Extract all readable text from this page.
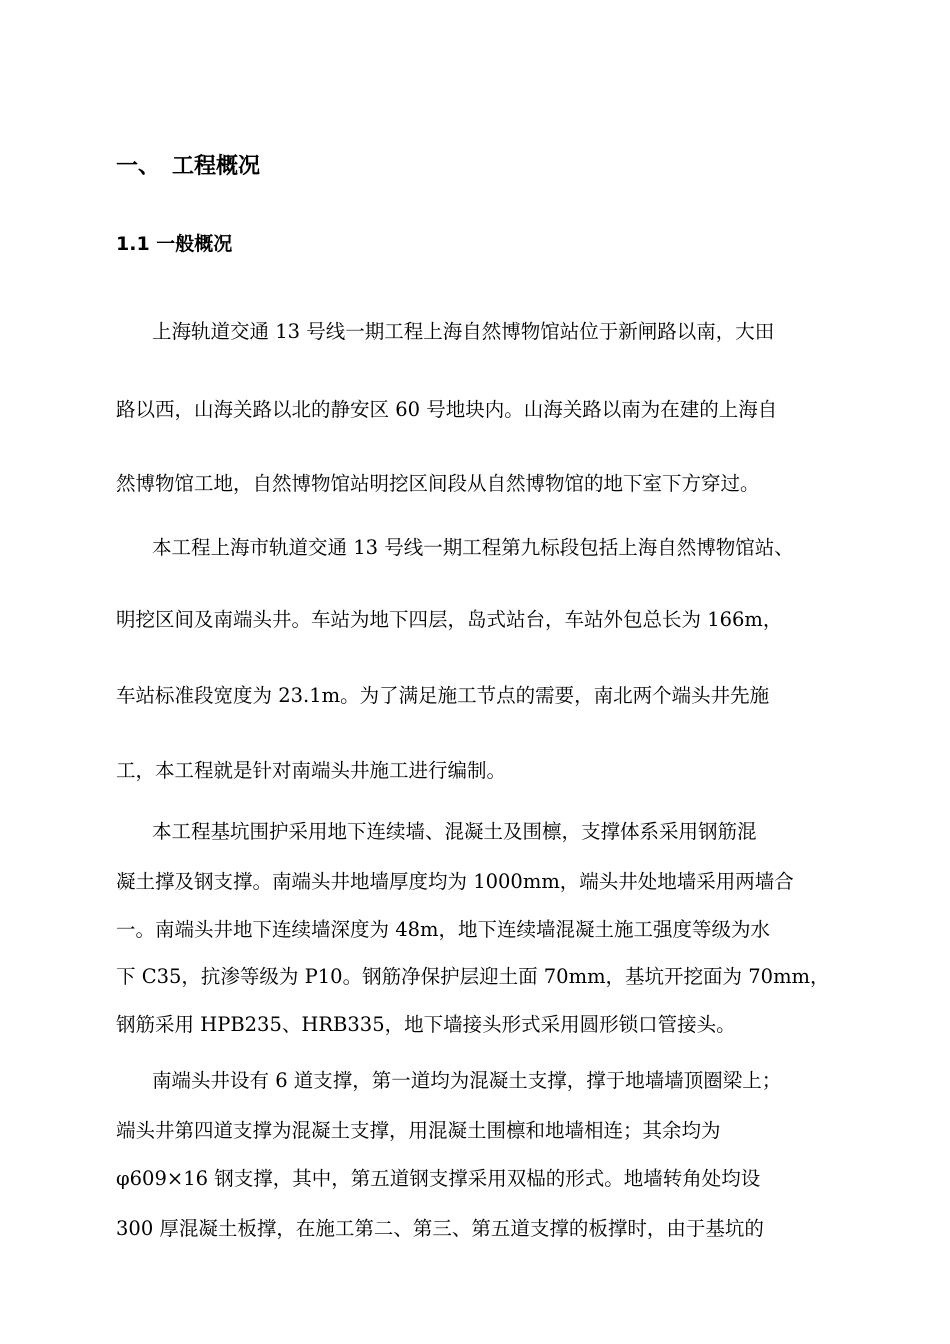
一、 工程概况
1.1 一般概况
上海轨道交通 13 号线一期工程上海自然博物馆站位于新闸路以南，大田
路以西，山海关路以北的静安区 60 号地块内。山海关路以南为在建的上海自
然博物馆工地，自然博物馆站明挖区间段从自然博物馆的地下室下方穿过。
本工程上海市轨道交通 13 号线一期工程第九标段包括上海自然博物馆站、
明挖区间及南端头井。车站为地下四层，岛式站台，车站外包总长为 166m，
车站标准段宽度为 23.1m。为了满足施工节点的需要，南北两个端头井先施
工，本工程就是针对南端头井施工进行编制。
本工程基坑围护采用地下连续墙、混凝土及围檩，支撑体系采用钢筋混
凝土撑及钢支撑。南端头井地墙厚度均为 1000mm，端头井处地墙采用两墙合
一。南端头井地下连续墙深度为 48m，地下连续墙混凝土施工强度等级为水
下 C35，抗渗等级为 P10。钢筋净保护层迎土面 70mm，基坑开挖面为 70mm，
钢筋采用 HPB235、HRB335，地下墙接头形式采用圆形锁口管接头。
南端头井设有 6 道支撑，第一道均为混凝土支撑，撑于地墙墙顶圈梁上；
端头井第四道支撑为混凝土支撑，用混凝土围檩和地墙相连；其余均为
φ609×16 钢支撑，其中，第五道钢支撑采用双榀的形式。地墙转角处均设
300 厚混凝土板撑，在施工第二、第三、第五道支撑的板撑时，由于基坑的
